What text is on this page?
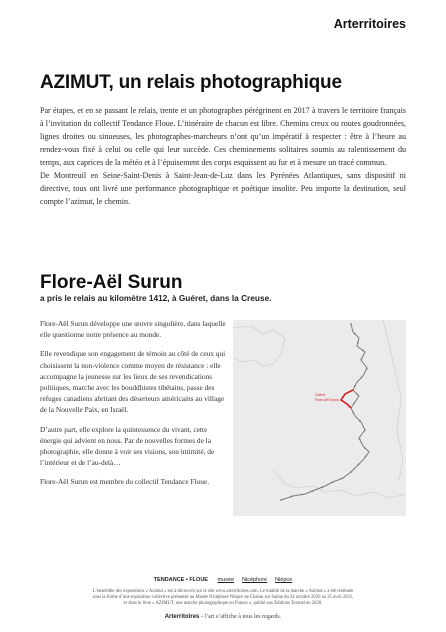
Arterritoires
AZIMUT, un relais photographique

Par étapes, et en se passant le relais, trente et un photographes pérégrinent en 2017 à travers le territoire français à l’invitation du collectif Tendance Floue. L’itinéraire de chacun est libre. Chemins creux ou routes goudronnées, lignes droites ou sinueuses, les photographes-marcheurs n’ont qu’un impératif à respecter : être à l’heure au rendez-vous fixé à celui ou celle qui leur succède. Ces cheminements solitaires soumis au ralentissement du temps, aux caprices de la météo et à l’épuisement des corps esquissent au fur et à mesure un tracé commun.

De Montreuil en Seine-Saint-Denis à Saint-Jean-de-Luz dans les Pyrénées Atlantiques, sans dispositif ni directive, tous ont livré une performance photographique et poétique insolite. Peu importe la destination, seul compte l’azimut, le chemin.

Flore-Aël Surun
a pris le relais au kilomètre 1412, à Guéret, dans la Creuse.

Flore-Aël Surun développe une œuvre singulière, dans laquelle elle questionne notre présence au monde.

Elle revendique son engagement de témoin au côté de ceux qui choisissent la non-violence comme moyen de résistance : elle accompagne la jeunesse sur les lieux de ses revendications politiques, marche avec les bouddhistes tibétains, passe des refuges canadiens abritant des déserteurs américains au village de la Nouvelle Paix, en Israël.

D’autre part, elle explore la quintessence du vivant, cette énergie qui advient en nous. Par de nouvelles formes de la photographie, elle donne à voir ses visions, son intimité, de l’intérieur et de l’au-delà…

Flore-Aël Surun est membre du collectif Tendance Floue.

Guéret
Flore-Aël Surun
TENDANCE • FLOUE musée Nicéphore Niépce
L’ensemble des expositions « Azimut » est à découvrir sur le site www.arterritoires.com. Le totalité de la marche « Azimut » a été restituée
sous la forme d’une exposition collective présentée au Musée Nicéphore Niépce de Chalon sur Saône du 24 octobre 2020 au 25 avril 2021,
et dans le livre « AZIMUT, une marche photographique en France », publié aux Éditions Textuel en 2020.
Arterritoires - l’art s’affiche à tous les regards.
